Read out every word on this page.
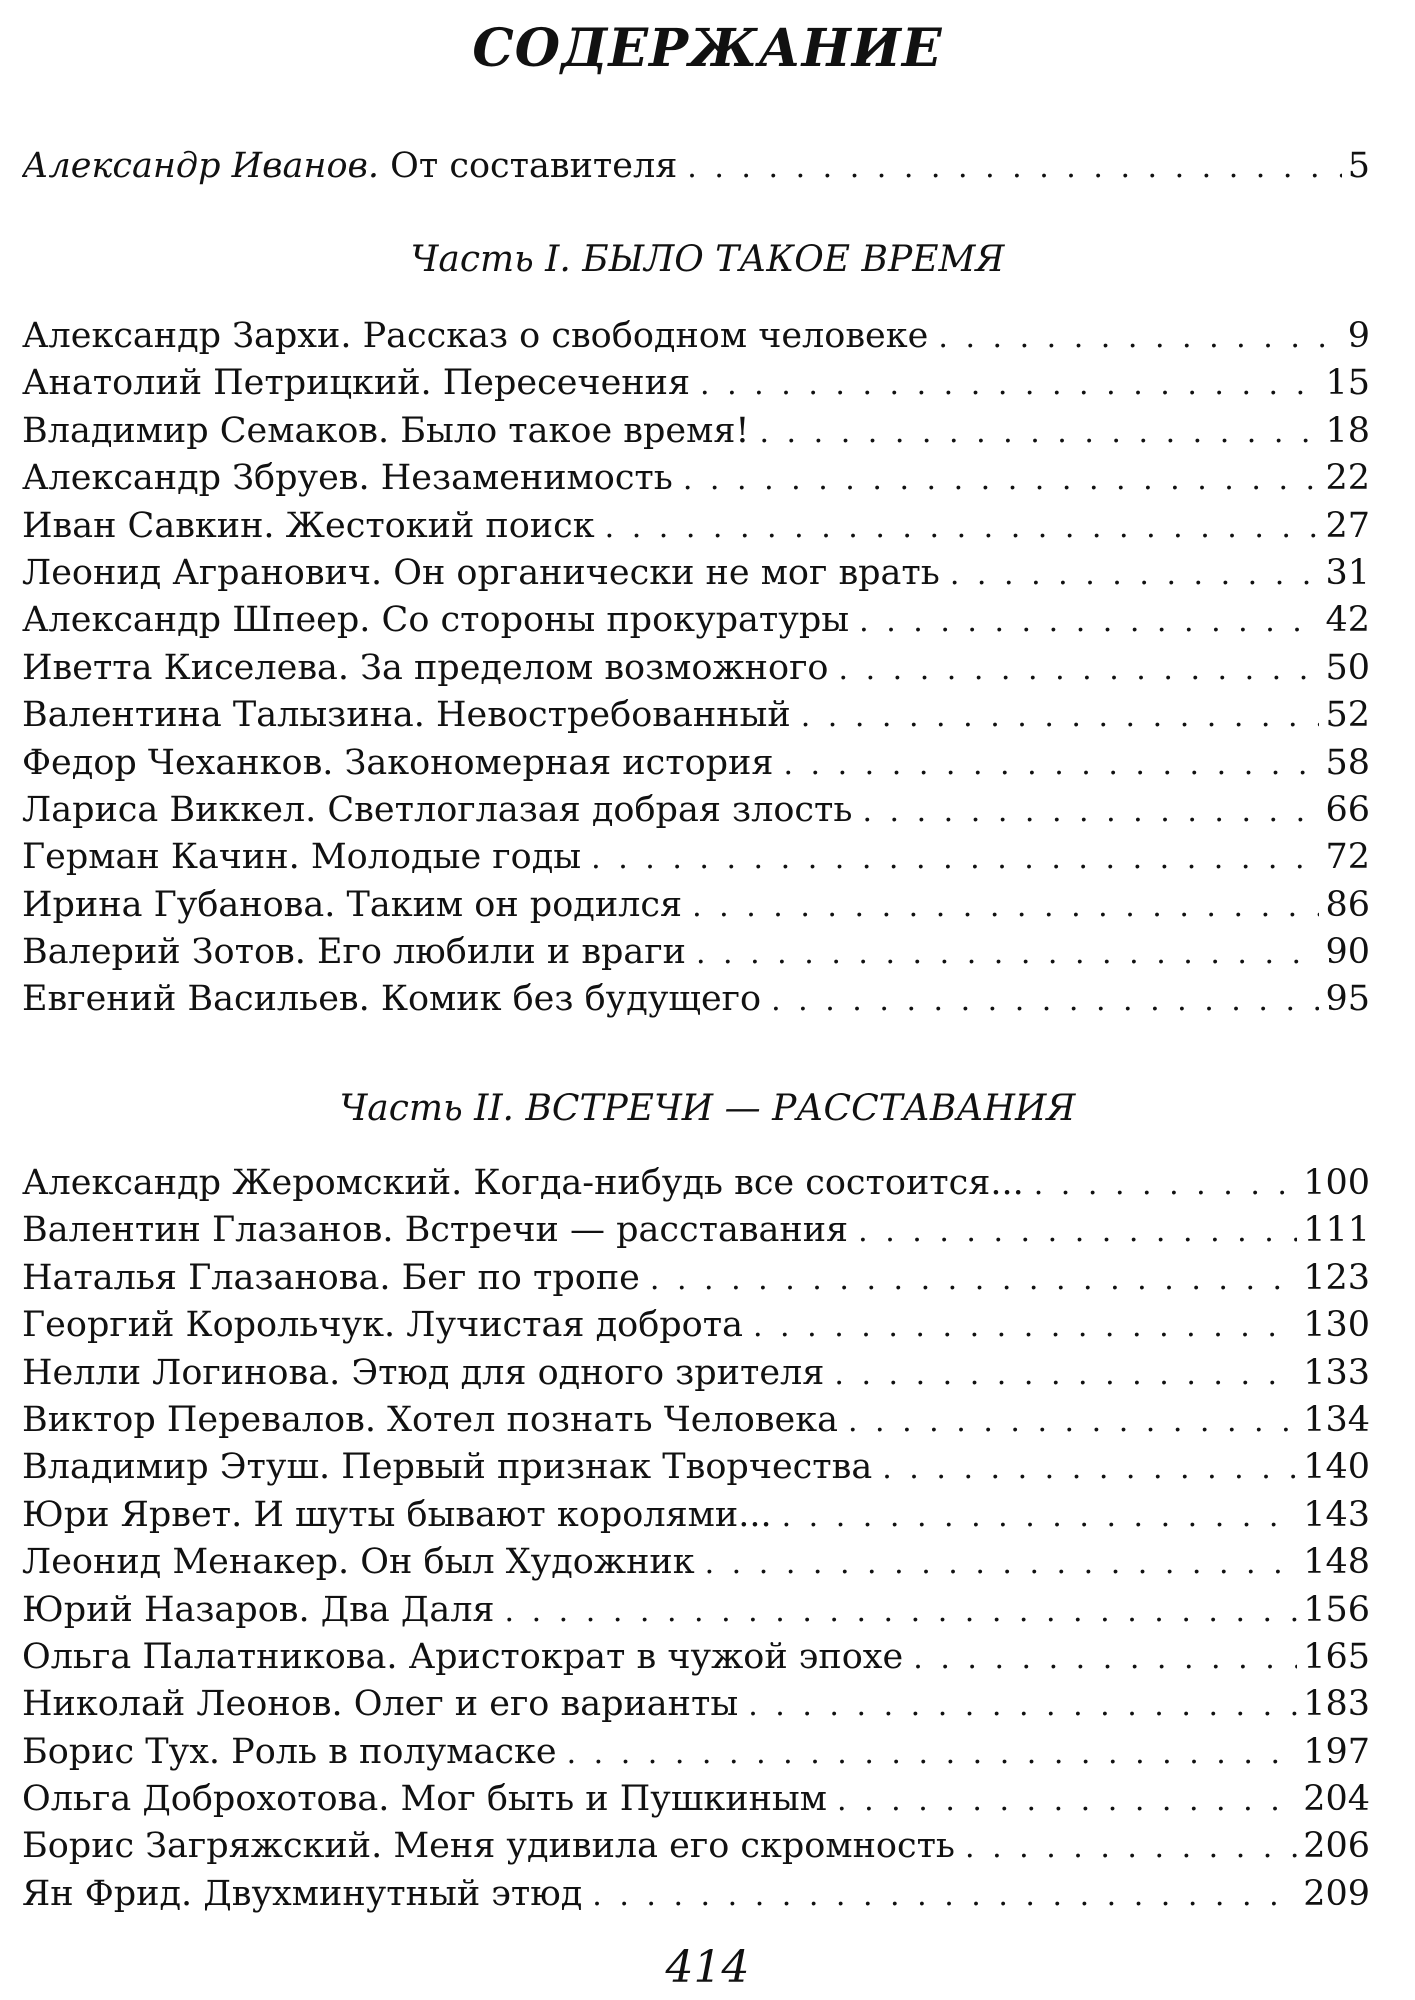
СОДЕРЖАНИЕ
Александр Иванов. От составителя . . .	5
Часть I. БЫЛО ТАКОЕ ВРЕМЯ
Александр Зархи. Рассказ о свободном человеке . . .	9
Анатолий Петрицкий. Пересечения . . .	15
Владимир Семаков. Было такое время! . . .	18
Александр Збруев. Незаменимость . . .	22
Иван Савкин. Жестокий поиск . . .	27
Леонид Агранович. Он органически не мог врать . . .	31
Александр Шпеер. Со стороны прокуратуры . . .	42
Иветта Киселева. За пределом возможного . . .	50
Валентина Талызина. Невостребованный . . .	52
Федор Чеханков. Закономерная история . . .	58
Лариса Виккел. Светлоглазая добрая злость . . .	66
Герман Качин. Молодые годы . . .	72
Ирина Губанова. Таким он родился . . .	86
Валерий Зотов. Его любили и враги . . .	90
Евгений Васильев. Комик без будущего . . .	95
Часть II. ВСТРЕЧИ — РАССТАВАНИЯ
Александр Жеромский. Когда-нибудь все состоится... . . .	100
Валентин Глазанов. Встречи — расставания . . .	111
Наталья Глазанова. Бег по тропе . . .	123
Георгий Корольчук. Лучистая доброта . . .	130
Нелли Логинова. Этюд для одного зрителя . . .	133
Виктор Перевалов. Хотел познать Человека . . .	134
Владимир Этуш. Первый признак Творчества . . .	140
Юри Ярвет. И шуты бывают королями... . . .	143
Леонид Менакер. Он был Художник . . .	148
Юрий Назаров. Два Даля . . .	156
Ольга Палатникова. Аристократ в чужой эпохе . . .	165
Николай Леонов. Олег и его варианты . . .	183
Борис Тух. Роль в полумаске . . .	197
Ольга Доброхотова. Мог быть и Пушкиным . . .	204
Борис Загряжский. Меня удивила его скромность . . .	206
Ян Фрид. Двухминутный этюд . . .	209
414
